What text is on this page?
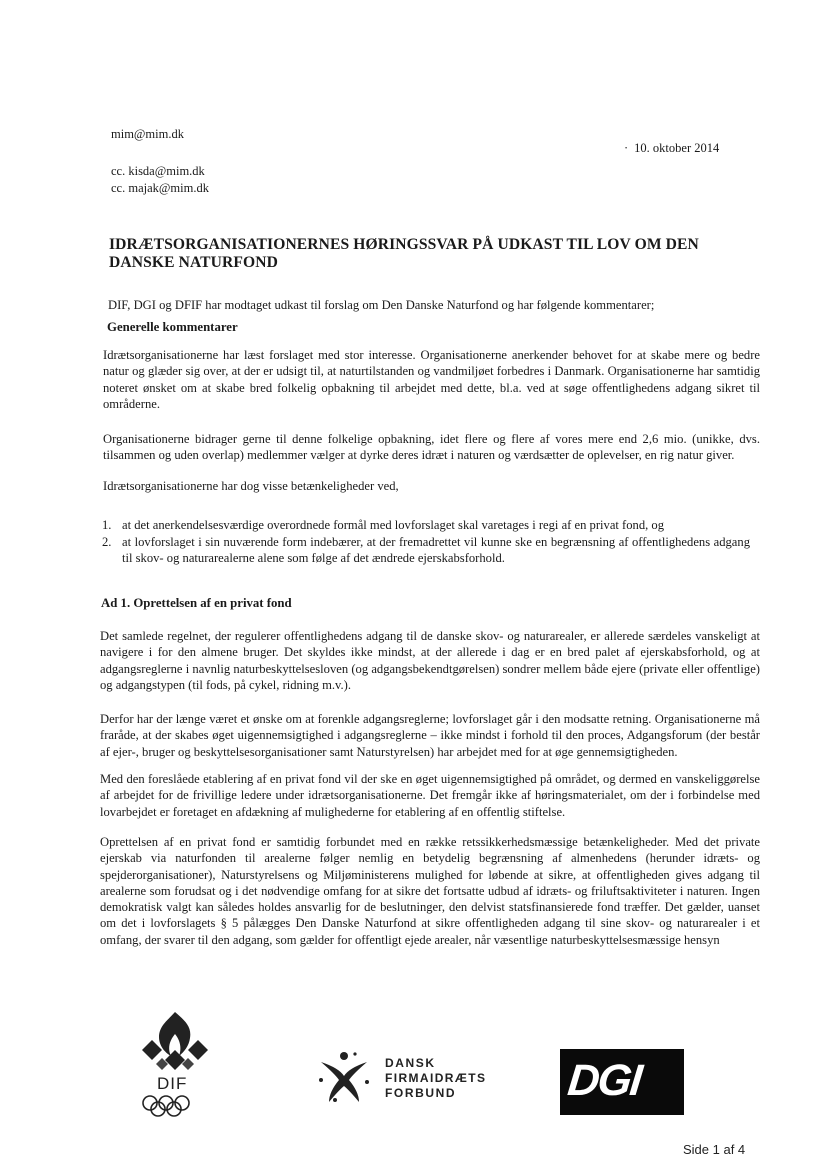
mim@mim.dk
cc. kisda@mim.dk
cc. majak@mim.dk
· 10. oktober 2014
IDRÆTSORGANISATIONERNES HØRINGSSVAR PÅ UDKAST TIL LOV OM DEN DANSKE NATURFOND
DIF, DGI og DFIF har modtaget udkast til forslag om Den Danske Naturfond og har følgende kommentarer;
Generelle kommentarer
Idrætsorganisationerne har læst forslaget med stor interesse. Organisationerne anerkender behovet for at skabe mere og bedre natur og glæder sig over, at der er udsigt til, at naturtilstanden og vandmiljøet forbedres i Danmark. Organisationerne har samtidig noteret ønsket om at skabe bred folkelig opbakning til arbejdet med dette, bl.a. ved at søge offentlighedens adgang sikret til områderne.
Organisationerne bidrager gerne til denne folkelige opbakning, idet flere og flere af vores mere end 2,6 mio. (unikke, dvs. tilsammen og uden overlap) medlemmer vælger at dyrke deres idræt i naturen og værdsætter de oplevelser, en rig natur giver.
Idrætsorganisationerne har dog visse betænkeligheder ved,
1. at det anerkendelsesværdige overordnede formål med lovforslaget skal varetages i regi af en privat fond, og
2. at lovforslaget i sin nuværende form indebærer, at der fremadrettet vil kunne ske en begrænsning af offentlighedens adgang til skov- og naturarealerne alene som følge af det ændrede ejerskabsforhold.
Ad 1. Oprettelsen af en privat fond
Det samlede regelnet, der regulerer offentlighedens adgang til de danske skov- og naturarealer, er allerede særdeles vanskeligt at navigere i for den almene bruger. Det skyldes ikke mindst, at der allerede i dag er en bred palet af ejerskabsforhold, og at adgangsreglerne i navnlig naturbeskyttelsesloven (og adgangsbekendtgørelsen) sondrer mellem både ejere (private eller offentlige) og adgangstypen (til fods, på cykel, ridning m.v.).
Derfor har der længe været et ønske om at forenkle adgangsreglerne; lovforslaget går i den modsatte retning. Organisationerne må fraråde, at der skabes øget uigennemsigtighed i adgangsreglerne – ikke mindst i forhold til den proces, Adgangsforum (der består af ejer-, bruger og beskyttelsesorganisationer samt Naturstyrelsen) har arbejdet med for at øge gennemsigtigheden.
Med den foreslåede etablering af en privat fond vil der ske en øget uigennemsigtighed på området, og dermed en vanskeliggørelse af arbejdet for de frivillige ledere under idrætsorganisationerne. Det fremgår ikke af høringsmaterialet, om der i forbindelse med lovarbejdet er foretaget en afdækning af mulighederne for etablering af en offentlig stiftelse.
Oprettelsen af en privat fond er samtidig forbundet med en række retssikkerhedsmæssige betænkeligheder. Med det private ejerskab via naturfonden til arealerne følger nemlig en betydelig begrænsning af almenhedens (herunder idræts- og spejderorganisationer), Naturstyrelsens og Miljøministerens mulighed for løbende at sikre, at offentligheden gives adgang til arealerne som forudsat og i det nødvendige omfang for at sikre det fortsatte udbud af idræts- og friluftsaktiviteter i naturen. Ingen demokratisk valgt kan således holdes ansvarlig for de beslutninger, den delvist statsfinansierede fond træffer. Det gælder, uanset om det i lovforslagets § 5 pålægges Den Danske Naturfond at sikre offentligheden adgang til sine skov- og naturarealer i et omfang, der svarer til den adgang, som gælder for offentligt ejede arealer, når væsentlige naturbeskyttelsesmæssige hensyn
DIF
DANSK
FIRMAIDRÆTS
FORBUND DGI
Side 1 af 4
